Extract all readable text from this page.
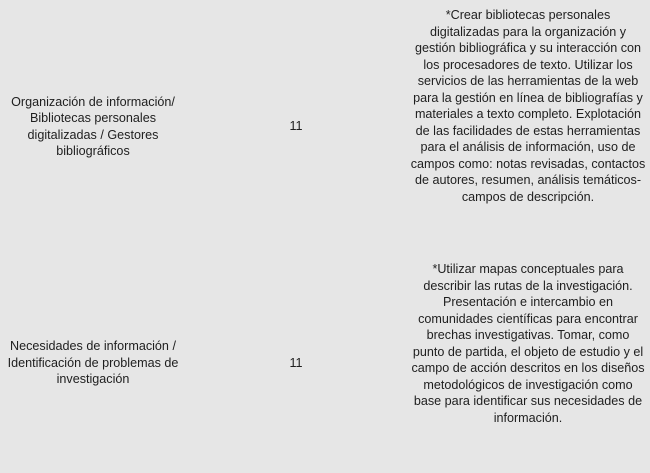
Organización de información/ Bibliotecas personales digitalizadas / Gestores bibliográficos
11
*Crear bibliotecas personales digitalizadas para la organización y gestión bibliográfica y su interacción con los procesadores de texto. Utilizar los servicios de las herramientas de la web para la gestión en línea de bibliografías y materiales a texto completo. Explotación de las facilidades de estas herramientas para el análisis de información, uso de campos como: notas revisadas, contactos de autores, resumen, análisis temáticos-campos de descripción.
Necesidades de información / Identificación de problemas de investigación
11
*Utilizar mapas conceptuales para describir las rutas de la investigación. Presentación e intercambio en comunidades científicas para encontrar brechas investigativas. Tomar, como punto de partida, el objeto de estudio y el campo de acción descritos en los diseños metodológicos de investigación como base para identificar sus necesidades de información.
